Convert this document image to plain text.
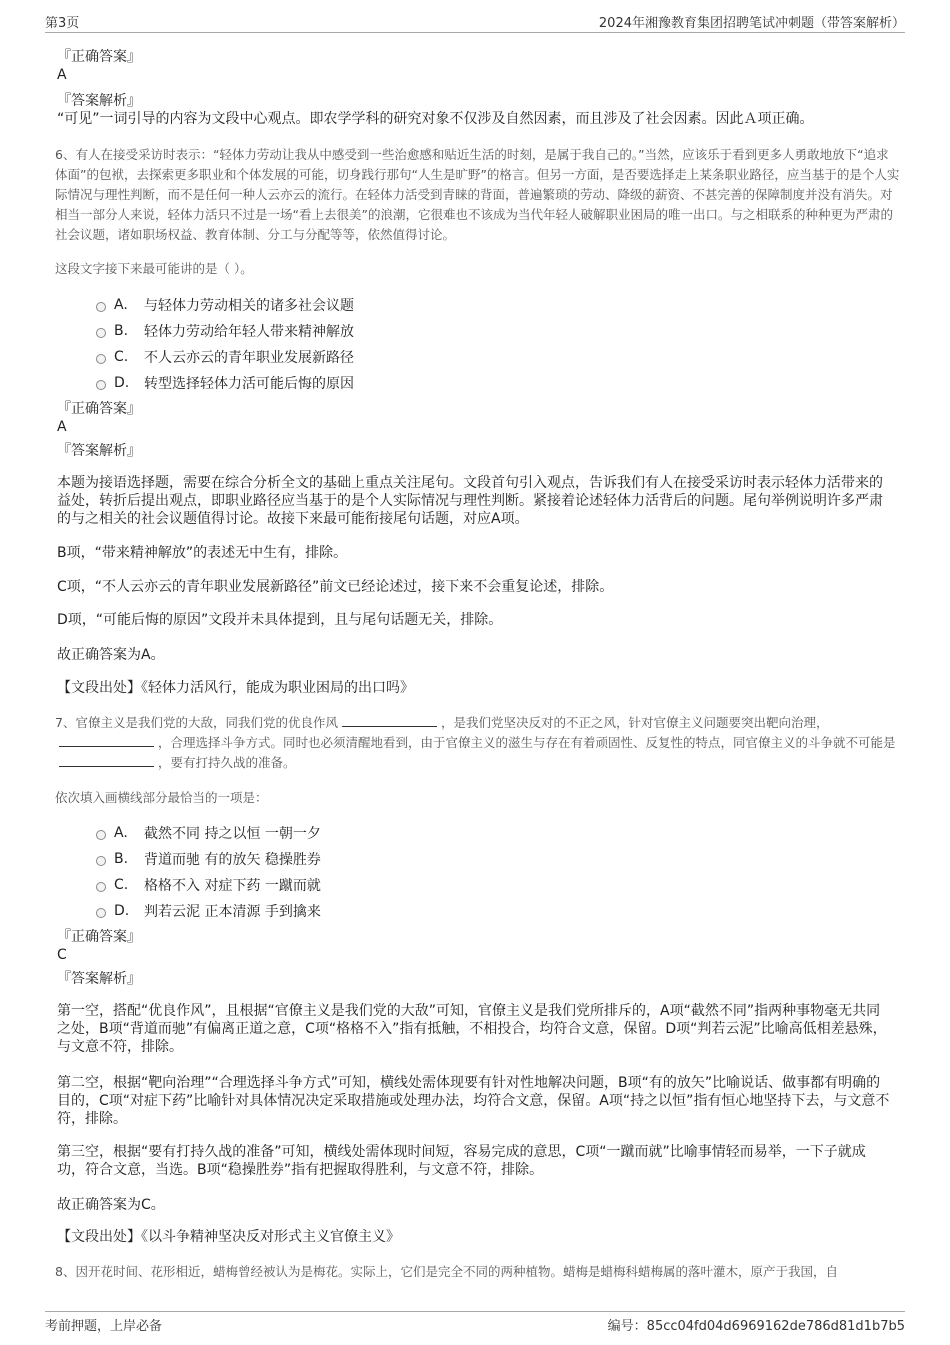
第3页	2024年湘豫教育集团招聘笔试冲刺题（带答案解析）
『正确答案』
A
『答案解析』
“可见”一词引导的内容为文段中心观点。即农学学科的研究对象不仅涉及自然因素，而且涉及了社会因素。因此Ａ项正确。
6、有人在接受采访时表示：“轻体力劳动让我从中感受到一些治愈感和贴近生活的时刻，是属于我自己的。”当然，应该乐于看到更多人勇敢地放下“追求体面”的包袱，去探索更多职业和个体发展的可能，切身践行那句“人生是旷野”的格言。但另一方面，是否要选择走上某条职业路径，应当基于的是个人实际情况与理性判断，而不是任何一种人云亦云的流行。在轻体力活受到青睐的背面，普遍繁琐的劳动、降级的薪资、不甚完善的保障制度并没有消失。对相当一部分人来说，轻体力活只不过是一场“看上去很美”的浪潮，它很难也不该成为当代年轻人破解职业困局的唯一出口。与之相联系的种种更为严肃的社会议题，诸如职场权益、教育体制、分工与分配等等，依然值得讨论。
这段文字接下来最可能讲的是（ ）。
A.	与轻体力劳动相关的诸多社会议题
B.	轻体力劳动给年轻人带来精神解放
C.	不人云亦云的青年职业发展新路径
D.	转型选择轻体力活可能后悔的原因
『正确答案』
A
『答案解析』
本题为接语选择题，需要在综合分析全文的基础上重点关注尾句。文段首句引入观点，告诉我们有人在接受采访时表示轻体力活带来的益处，转折后提出观点，即职业路径应当基于的是个人实际情况与理性判断。紧接着论述轻体力活背后的问题。尾句举例说明许多严肃的与之相关的社会议题值得讨论。故接下来最可能衔接尾句话题，对应A项。
B项，“带来精神解放”的表述无中生有，排除。
C项，“不人云亦云的青年职业发展新路径”前文已经论述过，接下来不会重复论述，排除。
D项，“可能后悔的原因”文段并未具体提到，且与尾句话题无关，排除。
故正确答案为A。
【文段出处】《轻体力活风行，能成为职业困局的出口吗》
7、官僚主义是我们党的大敌，同我们党的优良作风	，是我们党坚决反对的不正之风，针对官僚主义问题要突出靶向治理，，合理选择斗争方式。同时也必须清醒地看到，由于官僚主义的滋生与存在有着顽固性、反复性的特点，同官僚主义的斗争就不可能是，要有打持久战的准备。
依次填入画横线部分最恰当的一项是：
A.	截然不同 持之以恒 一朝一夕
B.	背道而驰 有的放矢 稳操胜券
C.	格格不入 对症下药 一蹴而就
D.	判若云泥 正本清源 手到擒来
『正确答案』
C
『答案解析』
第一空，搭配“优良作风”，且根据“官僚主义是我们党的大敌”可知，官僚主义是我们党所排斥的，A项“截然不同”指两种事物毫无共同之处，B项“背道而驰”有偏离正道之意，C项“格格不入”指有抵触，不相投合，均符合文意，保留。D项“判若云泥”比喻高低相差悬殊，与文意不符，排除。
第二空，根据“靶向治理”“合理选择斗争方式”可知，横线处需体现要有针对性地解决问题，B项“有的放矢”比喻说话、做事都有明确的目的，C项“对症下药”比喻针对具体情况决定采取措施或处理办法，均符合文意，保留。A项“持之以恒”指有恒心地坚持下去，与文意不符，排除。
第三空，根据“要有打持久战的准备”可知，横线处需体现时间短，容易完成的意思，C项“一蹴而就”比喻事情轻而易举，一下子就成功，符合文意，当选。B项“稳操胜券”指有把握取得胜利，与文意不符，排除。
故正确答案为C。
【文段出处】《以斗争精神坚决反对形式主义官僚主义》
8、因开花时间、花形相近，蜡梅曾经被认为是梅花。实际上，它们是完全不同的两种植物。蜡梅是蜡梅科蜡梅属的落叶灌木，原产于我国，自
考前押题，上岸必备	编号：85cc04fd04d6969162de786d81d1b7b5
